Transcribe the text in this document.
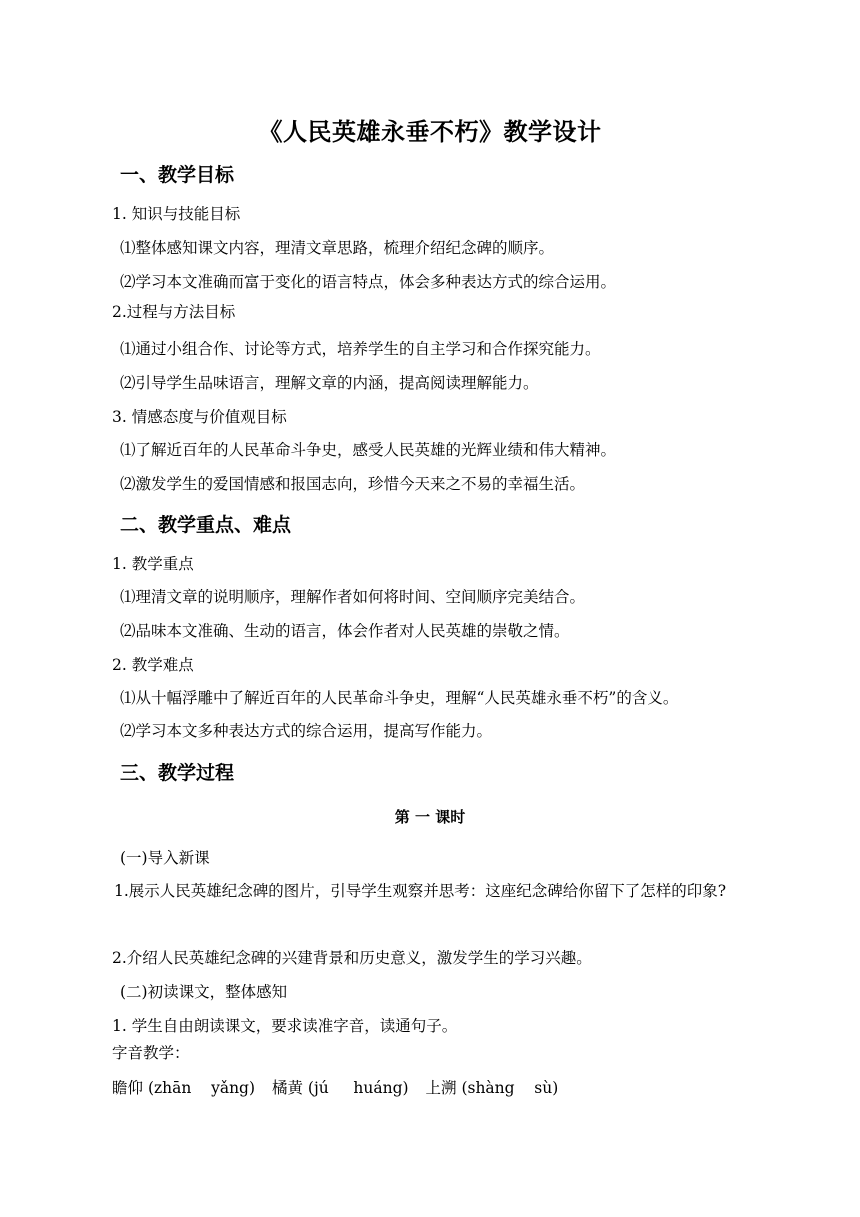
《人民英雄永垂不朽》教学设计
一、教学目标
1. 知识与技能目标
⑴整体感知课文内容，理清文章思路，梳理介绍纪念碑的顺序。
⑵学习本文准确而富于变化的语言特点，体会多种表达方式的综合运用。
2.过程与方法目标
⑴通过小组合作、讨论等方式，培养学生的自主学习和合作探究能力。
⑵引导学生品味语言，理解文章的内涵，提高阅读理解能力。
3. 情感态度与价值观目标
⑴了解近百年的人民革命斗争史，感受人民英雄的光辉业绩和伟大精神。
⑵激发学生的爱国情感和报国志向，珍惜今天来之不易的幸福生活。
二、教学重点、难点
1. 教学重点
⑴理清文章的说明顺序，理解作者如何将时间、空间顺序完美结合。
⑵品味本文准确、生动的语言，体会作者对人民英雄的崇敬之情。
2. 教学难点
⑴从十幅浮雕中了解近百年的人民革命斗争史，理解“人民英雄永垂不朽”的含义。
⑵学习本文多种表达方式的综合运用，提高写作能力。
三、教学过程
第 一 课时
(一)导入新课
1.展示人民英雄纪念碑的图片，引导学生观察并思考：这座纪念碑给你留下了怎样的印象?
2.介绍人民英雄纪念碑的兴建背景和历史意义，激发学生的学习兴趣。
(二)初读课文，整体感知
1. 学生自由朗读课文，要求读准字音，读通句子。
字音教学：
瞻仰 (zhān    yǎng) 橘黄 (jú     huáng) 上溯 (shàng    sù)
